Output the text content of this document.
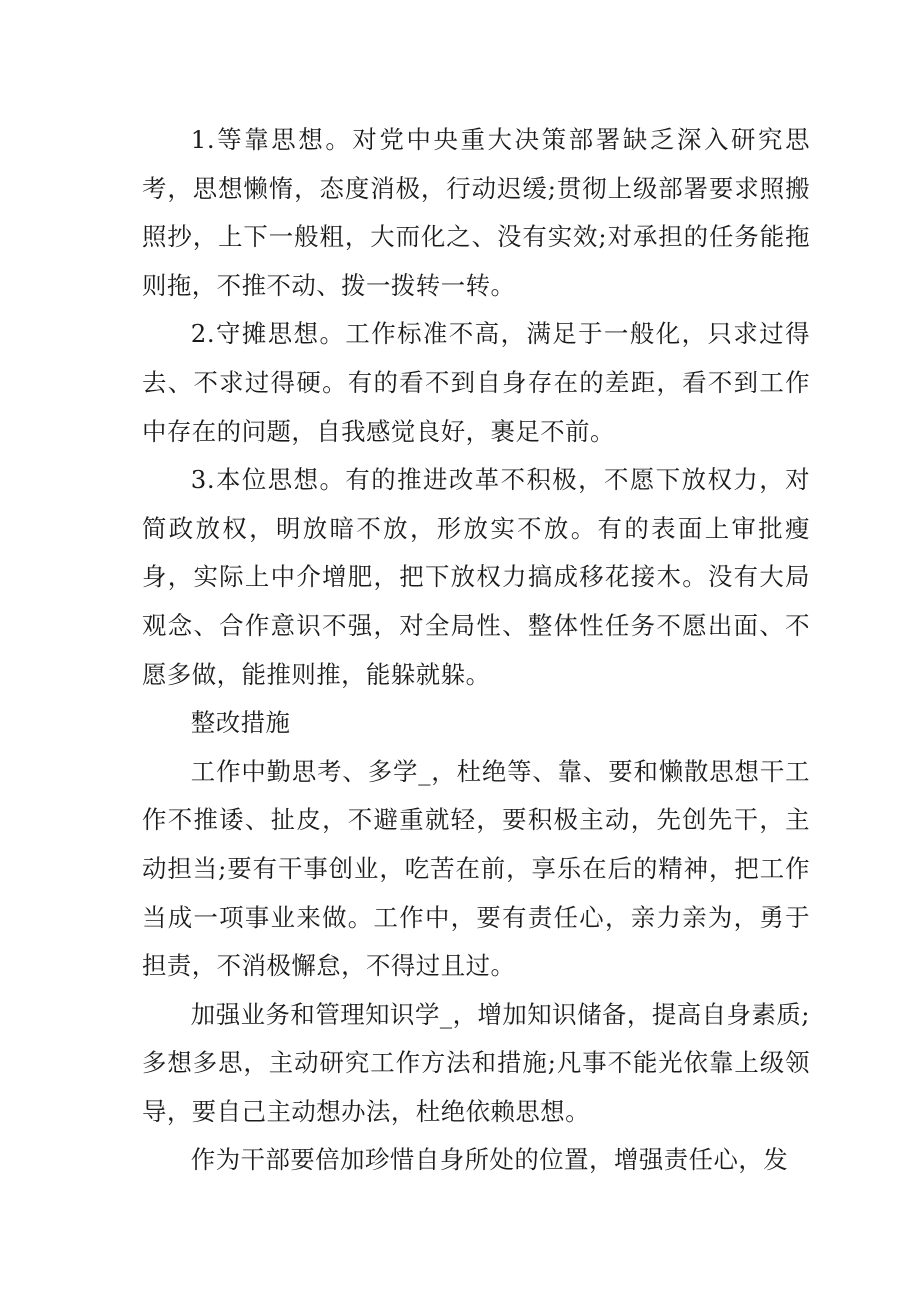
1.等靠思想。对党中央重大决策部署缺乏深入研究思考，思想懒惰，态度消极，行动迟缓;贯彻上级部署要求照搬照抄，上下一般粗，大而化之、没有实效;对承担的任务能拖则拖，不推不动、拨一拨转一转。

2.守摊思想。工作标准不高，满足于一般化，只求过得去、不求过得硬。有的看不到自身存在的差距，看不到工作中存在的问题，自我感觉良好，裹足不前。

3.本位思想。有的推进改革不积极，不愿下放权力，对简政放权，明放暗不放，形放实不放。有的表面上审批瘦身，实际上中介增肥，把下放权力搞成移花接木。没有大局观念、合作意识不强，对全局性、整体性任务不愿出面、不愿多做，能推则推，能躲就躲。

整改措施

工作中勤思考、多学_，杜绝等、靠、要和懒散思想干工作不推诿、扯皮，不避重就轻，要积极主动，先创先干，主动担当;要有干事创业，吃苦在前，享乐在后的精神，把工作当成一项事业来做。工作中，要有责任心，亲力亲为，勇于担责，不消极懈怠，不得过且过。

加强业务和管理知识学_，增加知识储备，提高自身素质;多想多思，主动研究工作方法和措施;凡事不能光依靠上级领导，要自己主动想办法，杜绝依赖思想。

作为干部要倍加珍惜自身所处的位置，增强责任心，发
